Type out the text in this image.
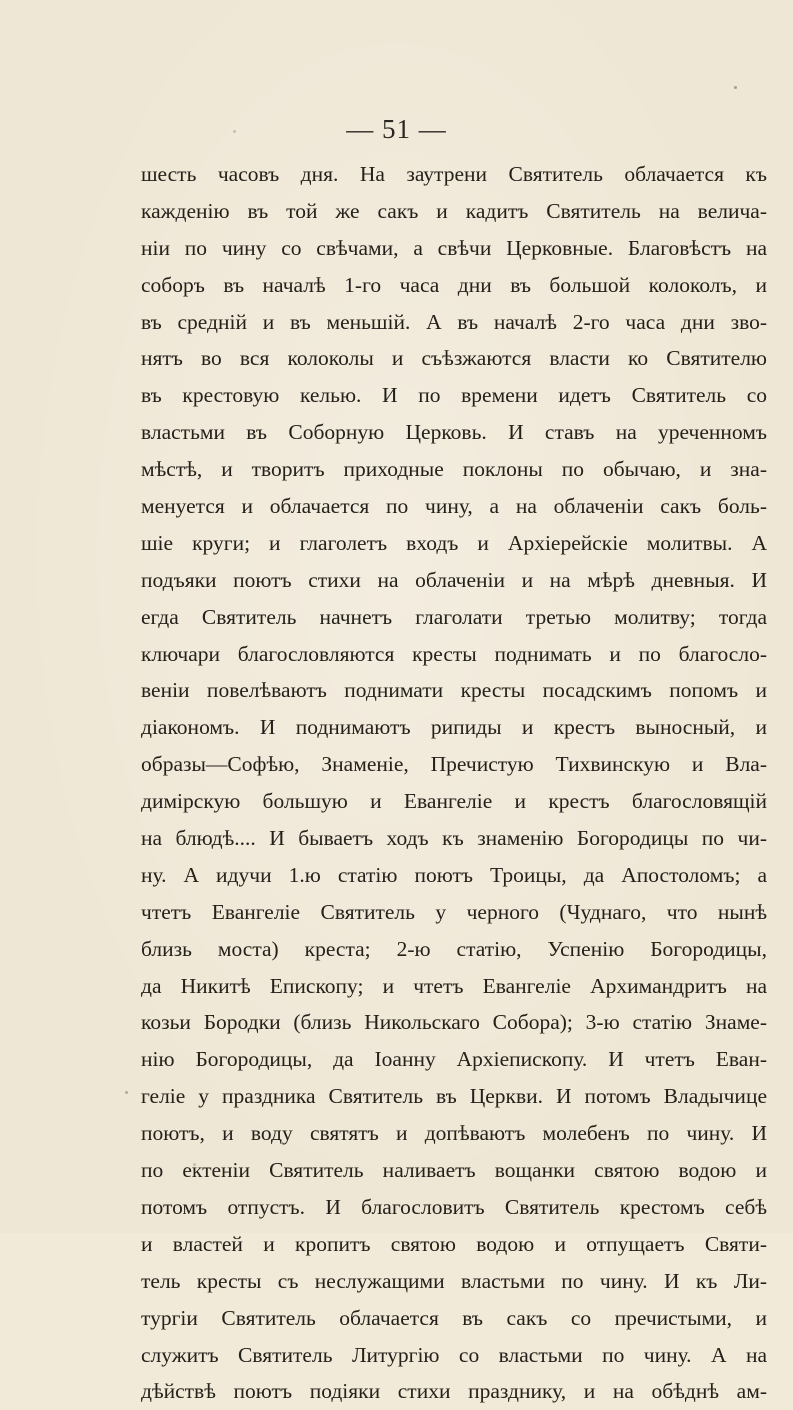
— 51 —
шесть часовъ дня. На заутрени Святитель облачается къ
кажденію въ той же сакъ и кадитъ Святитель на велича-
ніи по чину со свѣчами, а свѣчи Церковные. Благовѣстъ на
соборъ въ началѣ 1-го часа дни въ большой колоколъ, и
въ средній и въ меньшій. А въ началѣ 2-го часа дни зво-
нятъ во вся колоколы и съѣзжаются власти ко Святителю
въ крестовую келью. И по времени идетъ Святитель со
властьми въ Соборную Церковь. И ставъ на уреченномъ
мѣстѣ, и творитъ приходные поклоны по обычаю, и зна-
менуется и облачается по чину, а на облаченіи сакъ боль-
шіе круги; и глаголетъ входъ и Архіерейскіе молитвы. А
подъяки поютъ стихи на облаченіи и на мѣрѣ дневныя. И
егда Святитель начнетъ глаголати третью молитву; тогда
ключари благословляются кресты поднимать и по благосло-
веніи повелѣваютъ поднимати кресты посадскимъ попомъ и
діакономъ. И поднимаютъ рипиды и крестъ выносный, и
образы—Софѣю, Знаменіе, Пречистую Тихвинскую и Вла-
димірскую большую и Евангеліе и крестъ благословящій
на блюдѣ.... И бываетъ ходъ къ знаменію Богородицы по чи-
ну. А идучи 1.ю статію поютъ Троицы, да Апостоломъ; а
чтетъ Евангеліе Святитель у черного (Чуднаго, что нынѣ
близь моста) креста; 2-ю статію, Успенію Богородицы,
да Никитѣ Епископу; и чтетъ Евангеліе Архимандритъ на
козьи Бородки (близь Никольскаго Собора); 3-ю статію Знаме-
нію Богородицы, да Іоанну Архіепископу. И чтетъ Еван-
геліе у праздника Святитель въ Церкви. И потомъ Владычице
поютъ, и воду святятъ и допѣваютъ молебенъ по чину. И
по ектеніи Святитель наливаетъ вощанки святою водою и
потомъ отпустъ. И благословитъ Святитель крестомъ себѣ
и властей и кропитъ святою водою и отпущаетъ Святи-
тель кресты съ неслужащими властьми по чину. И къ Ли-
тургіи Святитель облачается въ сакъ со пречистыми, и
служитъ Святитель Литургію со властьми по чину. А на
дѣйствѣ поютъ подіяки стихи празднику, и на обѣднѣ ам-
